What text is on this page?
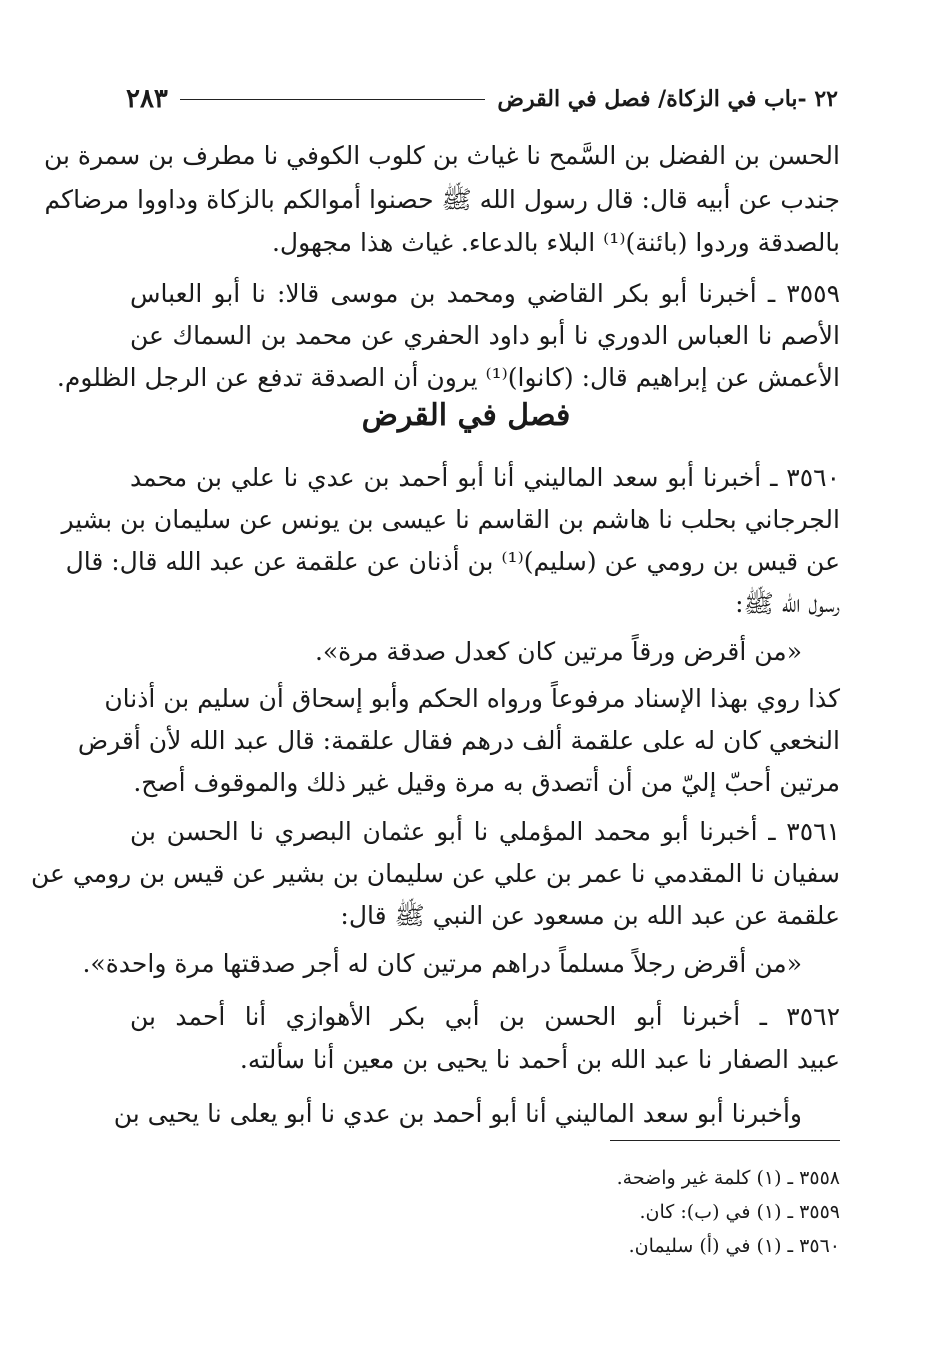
٢٢ -باب في الزكاة/ فصل في القرض
٢٨٣
الحسن بن الفضل بن السَّمح نا غياث بن كلوب الكوفي نا مطرف بن سمرة بن
جندب عن أبيه قال: قال رسول الله ﷺ حصنوا أموالكم بالزكاة وداووا مرضاكم
بالصدقة وردوا (بائنة)⁽¹⁾ البلاء بالدعاء. غياث هذا مجهول.
٣٥٥٩ ـ أخبرنا أبو بكر القاضي ومحمد بن موسى قالا: نا أبو العباس
الأصم نا العباس الدوري نا أبو داود الحفري عن محمد بن السماك عن
الأعمش عن إبراهيم قال: (كانوا)⁽¹⁾ يرون أن الصدقة تدفع عن الرجل الظلوم.
فصل في القرض
٣٥٦٠ ـ أخبرنا أبو سعد الماليني أنا أبو أحمد بن عدي نا علي بن محمد
الجرجاني بحلب نا هاشم بن القاسم نا عيسى بن يونس عن سليمان بن بشير
عن قيس بن رومي عن (سليم)⁽¹⁾ بن أذنان عن علقمة عن عبد الله قال: قال
رسول الله ﷺ:
«من أقرض ورقاً مرتين كان كعدل صدقة مرة».
كذا روي بهذا الإسناد مرفوعاً ورواه الحكم وأبو إسحاق أن سليم بن أذنان
النخعي كان له على علقمة ألف درهم فقال علقمة: قال عبد الله لأن أقرض
مرتين أحبّ إليّ من أن أتصدق به مرة وقيل غير ذلك والموقوف أصح.
٣٥٦١ ـ أخبرنا أبو محمد المؤملي نا أبو عثمان البصري نا الحسن بن
سفيان نا المقدمي نا عمر بن علي عن سليمان بن بشير عن قيس بن رومي عن
علقمة عن عبد الله بن مسعود عن النبي ﷺ قال:
«من أقرض رجلاً مسلماً دراهم مرتين كان له أجر صدقتها مرة واحدة».
٣٥٦٢ ـ أخبرنا أبو الحسن بن أبي بكر الأهوازي أنا أحمد بن
عبيد الصفار نا عبد الله بن أحمد نا يحيى بن معين أنا سألته.
وأخبرنا أبو سعد الماليني أنا أبو أحمد بن عدي نا أبو يعلى نا يحيى بن
٣٥٥٨ ـ (١) كلمة غير واضحة.
٣٥٥٩ ـ (١) في (ب): كان.
٣٥٦٠ ـ (١) في (أ) سليمان.
